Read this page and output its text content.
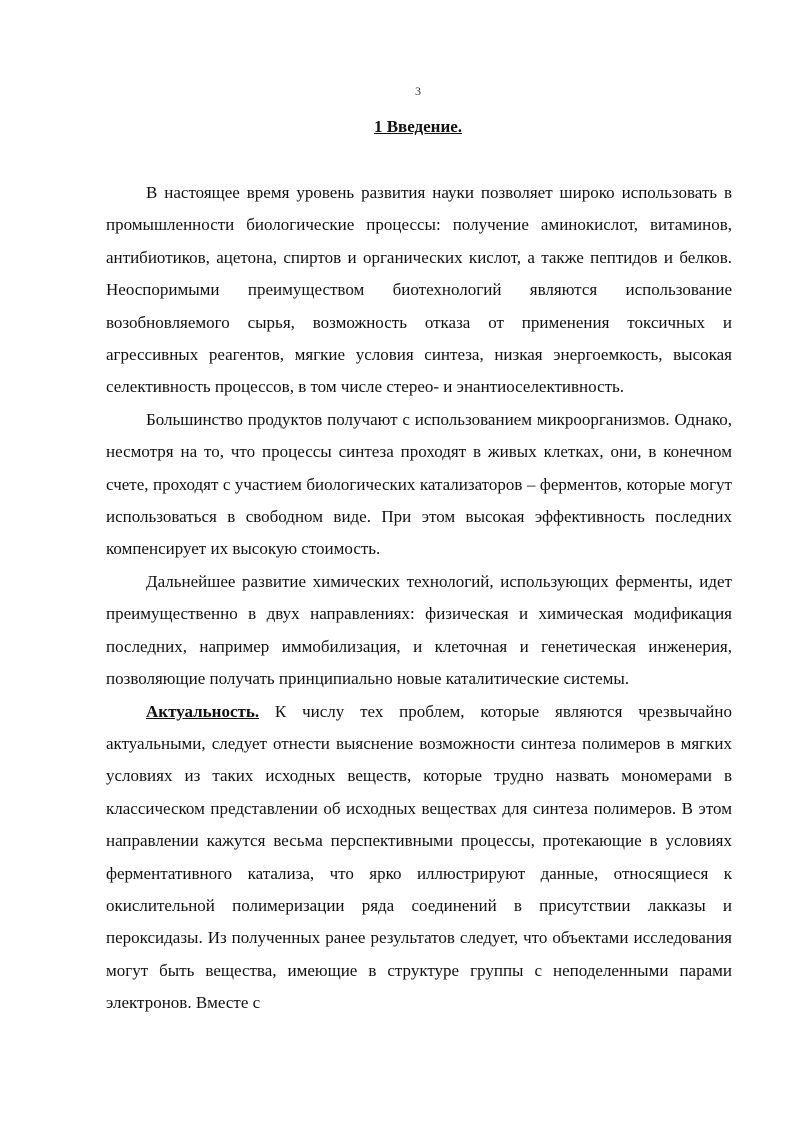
3
1 Введение.

В настоящее время уровень развития науки позволяет широко использовать в промышленности биологические процессы: получение аминокислот, витаминов, антибиотиков, ацетона, спиртов и органических кислот, а также пептидов и белков. Неоспоримыми преимуществом биотехнологий являются использование возобновляемого сырья, возможность отказа от применения токсичных и агрессивных реагентов, мягкие условия синтеза, низкая энергоемкость, высокая селективность процессов, в том числе стерео- и энантиоселективность.

Большинство продуктов получают с использованием микроорганизмов. Однако, несмотря на то, что процессы синтеза проходят в живых клетках, они, в конечном счете, проходят с участием биологических катализаторов – ферментов, которые могут использоваться в свободном виде. При этом высокая эффективность последних компенсирует их высокую стоимость.

Дальнейшее развитие химических технологий, использующих ферменты, идет преимущественно в двух направлениях: физическая и химическая модификация последних, например иммобилизация, и клеточная и генетическая инженерия, позволяющие получать принципиально новые каталитические системы.

Актуальность. К числу тех проблем, которые являются чрезвычайно актуальными, следует отнести выяснение возможности синтеза полимеров в мягких условиях из таких исходных веществ, которые трудно назвать мономерами в классическом представлении об исходных веществах для синтеза полимеров. В этом направлении кажутся весьма перспективными процессы, протекающие в условиях ферментативного катализа, что ярко иллюстрируют данные, относящиеся к окислительной полимеризации ряда соединений в присутствии лакказы и пероксидазы. Из полученных ранее результатов следует, что объектами исследования могут быть вещества, имеющие в структуре группы с неподеленными парами электронов. Вместе с
